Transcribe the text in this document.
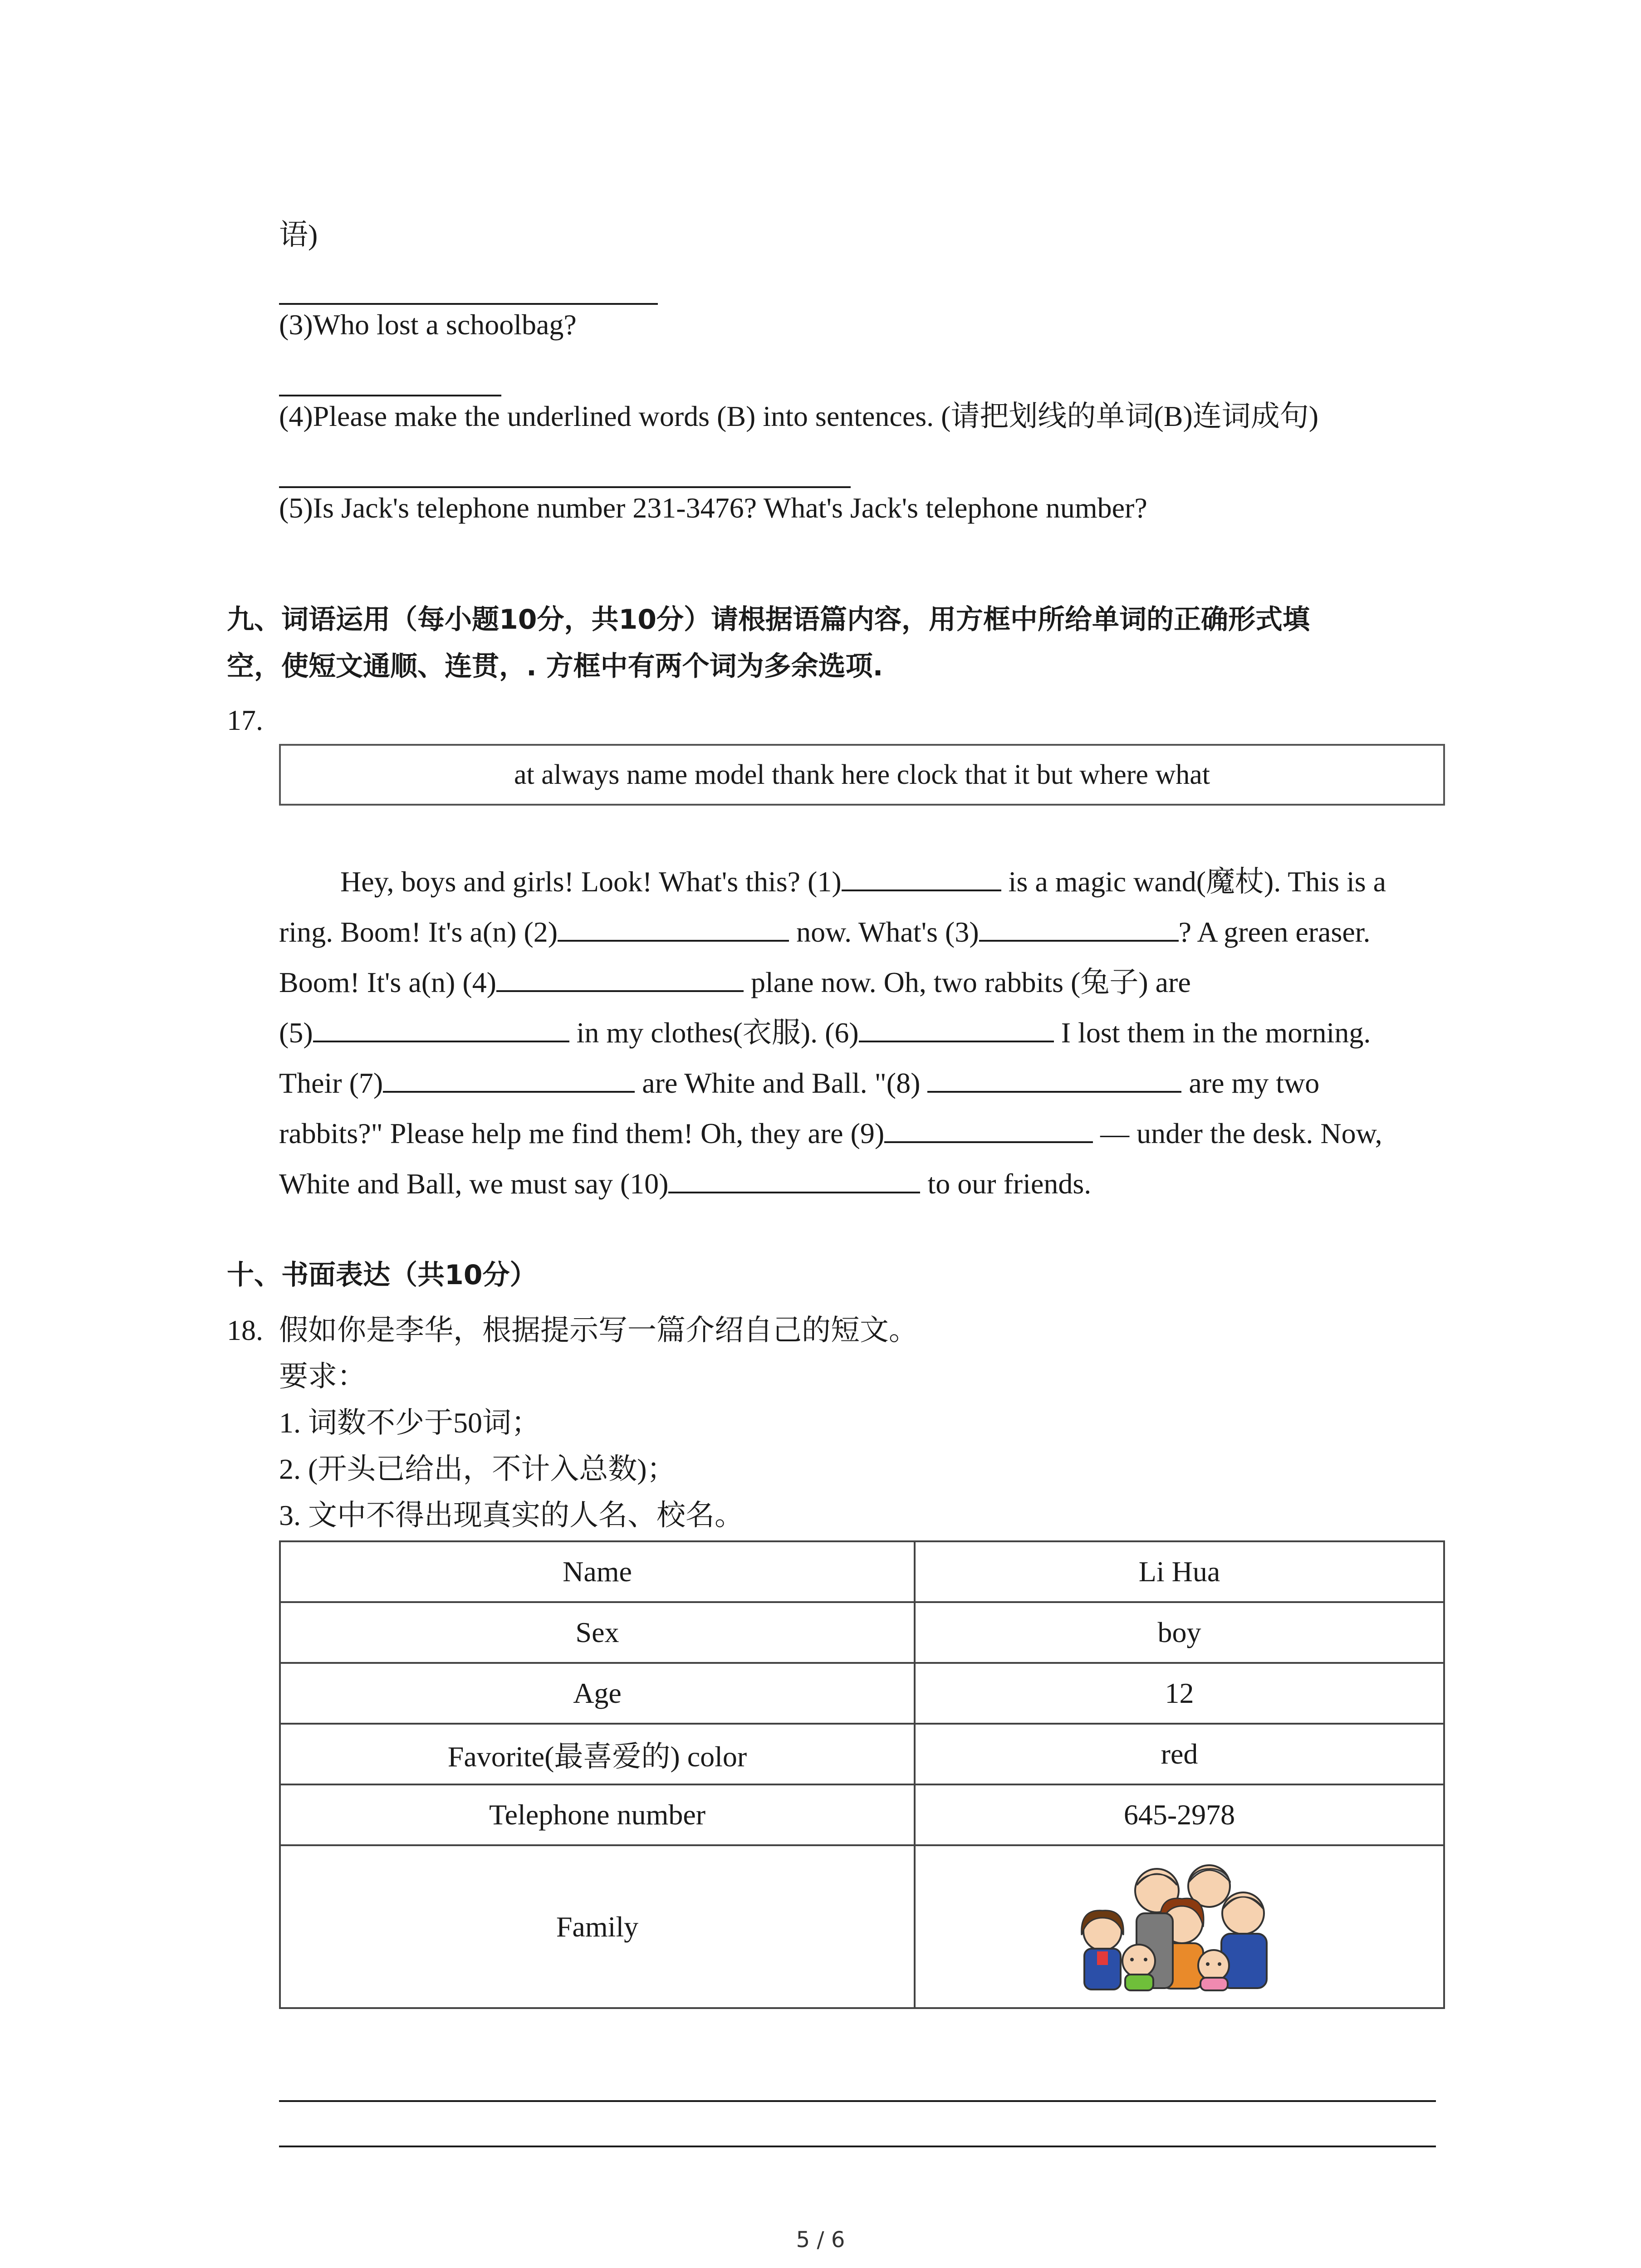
语)
(3)Who lost a schoolbag?
(4)Please make the underlined words (B) into sentences. (请把划线的单词(B)连词成句)
(5)Is Jack's telephone number 231-3476? What's Jack's telephone number?
九、词语运用（每小题10分，共10分）请根据语篇内容，用方框中所给单词的正确形式填
空，使短文通顺、连贯，. 方框中有两个词为多余选项.
17.
at always name model thank here clock that it but where what
Hey, boys and girls! Look! What's this? (1)	is a magic wand(魔杖). This is a
ring. Boom! It's a(n) (2)	now. What's (3)	? A green eraser.
Boom! It's a(n) (4)	plane now. Oh, two rabbits (兔子) are
(5)	in my clothes(衣服). (6)	I lost them in the morning.
Their (7)	are White and Ball. "(8)	are my two
rabbits?" Please help me find them! Oh, they are (9)	— under the desk. Now,
White and Ball, we must say (10)	to our friends.
十、书面表达（共10分）
18. 假如你是李华，根据提示写一篇介绍自己的短文。
要求：
1. 词数不少于50词；
2. (开头已给出，不计入总数)；
3. 文中不得出现真实的人名、校名。
Name	Li Hua
Sex	boy
Age	12
Favorite(最喜爱的) color	red
Telephone number	645-2978
Family	
5 / 6
